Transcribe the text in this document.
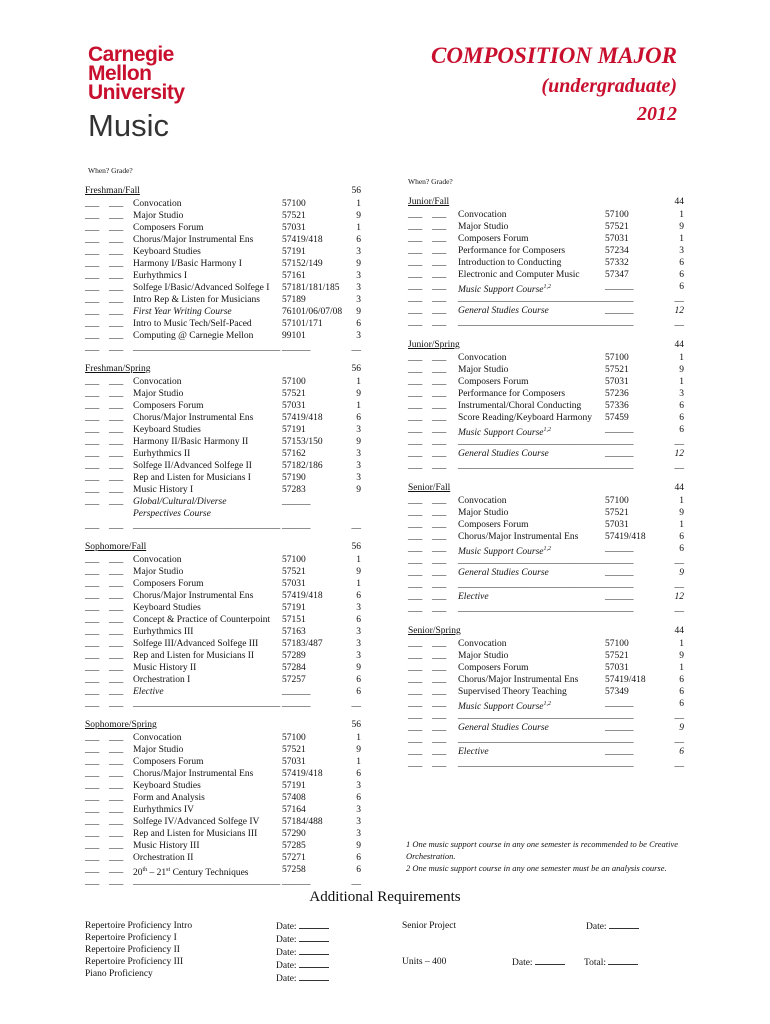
Carnegie
Mellon
University
Music
COMPOSITION MAJOR
(undergraduate)
2012
When? Grade?
When? Grade?
Freshman/Fall	56
___ ___ Convocation	57100	1
___ ___ Major Studio	57521	9
___ ___ Composers Forum	57031	1
___ ___ Chorus/Major Instrumental Ens	57419/418	6
___ ___ Keyboard Studies	57191	3
___ ___ Harmony I/Basic Harmony I	57152/149	9
___ ___ Eurhythmics I	57161	3
___ ___ Solfege I/Basic/Advanced Solfege I 57181/181/185 3
___ ___ Intro Rep & Listen for Musicians 57189	3
___ ___ First Year Writing Course	76101/06/07/08 9
___ ___ Intro to Music Tech/Self-Paced	57101/171	6
___ ___ Computing @ Carnegie Mellon	99101	3
___ ___ _______________________________ ______	__
Freshman/Spring	56
___ ___ Convocation	57100	1
___ ___ Major Studio	57521	9
___ ___ Composers Forum	57031	1
___ ___ Chorus/Major Instrumental Ens	57419/418	6
___ ___ Keyboard Studies	57191	3
___ ___ Harmony II/Basic Harmony II	57153/150	9
___ ___ Eurhythmics II	57162	3
___ ___ Solfege II/Advanced Solfege II	57182/186	3
___ ___ Rep and Listen for Musicians I	57190	3
___ ___ Music History I	57283	9
___ ___ Global/Cultural/Diverse	______
Perspectives Course
___ ___ _______________________________ ______	__
Sophomore/Fall	56
___ ___ Convocation	57100	1
___ ___ Major Studio	57521	9
___ ___ Composers Forum	57031	1
___ ___ Chorus/Major Instrumental Ens	57419/418	6
___ ___ Keyboard Studies	57191	3
___ ___ Concept & Practice of Counterpoint 57151	6
___ ___ Eurhythmics III	57163	3
___ ___ Solfege III/Advanced Solfege III 57183/487	3
___ ___ Rep and Listen for Musicians II	57289	3
___ ___ Music History II	57284	9
___ ___ Orchestration I	57257	6
___ ___ Elective	______	6
___ ___ _______________________________ ______	__
Sophomore/Spring	56
___ ___ Convocation	57100	1
___ ___ Major Studio	57521	9
___ ___ Composers Forum	57031	1
___ ___ Chorus/Major Instrumental Ens	57419/418	6
___ ___ Keyboard Studies	57191	3
___ ___ Form and Analysis	57408	6
___ ___ Eurhythmics IV	57164	3
___ ___ Solfege IV/Advanced Solfege IV 57184/488	3
___ ___ Rep and Listen for Musicians III	57290	3
___ ___ Music History III	57285	9
___ ___ Orchestration II	57271	6
___ ___ 20th – 21st Century Techniques	57258	6
___ ___ _______________________________ ______	__
Junior/Fall	44
___ ___ Convocation	57100	1
___ ___ Major Studio	57521	9
___ ___ Composers Forum	57031	1
___ ___ Performance for Composers	57234	3
___ ___ Introduction to Conducting	57332	6
___ ___ Electronic and Computer Music	57347	6
___ ___ Music Support Course$^{1,2}$	______	6
___ ___ _______________________________ ______	__
___ ___ General Studies Course	______	12
___ ___ _______________________________ ______	__
Junior/Spring	44
___ ___ Convocation	57100	1
___ ___ Major Studio	57521	9
___ ___ Composers Forum	57031	1
___ ___ Performance for Composers	57236	3
___ ___ Instrumental/Choral Conducting	57336	6
___ ___ Score Reading/Keyboard Harmony 57459	6
___ ___ Music Support Course$^{1,2}$	______	6
___ ___ _______________________________ ______	__
___ ___ General Studies Course	______	12
___ ___ _______________________________ ______	__
Senior/Fall	44
___ ___ Convocation	57100	1
___ ___ Major Studio	57521	9
___ ___ Composers Forum	57031	1
___ ___ Chorus/Major Instrumental Ens	57419/418	6
___ ___ Music Support Course$^{1,2}$	______	6
___ ___ _______________________________ ______	__
___ ___ General Studies Course	______	9
___ ___ _______________________________ ______	__
___ ___ Elective	______	12
___ ___ _______________________________ ______	__
Senior/Spring	44
___ ___ Convocation	57100	1
___ ___ Major Studio	57521	9
___ ___ Composers Forum	57031	1
___ ___ Chorus/Major Instrumental Ens	57419/418	6
___ ___ Supervised Theory Teaching	57349	6
___ ___ Music Support Course$^{1,2}$	______	6
___ ___ _______________________________ ______	__
___ ___ General Studies Course	______	9
___ ___ _______________________________ ______	__
___ ___ Elective	______	6
___ ___ _______________________________ ______	__
1 One music support course in any one semester is recommended to be Creative Orchestration.
2 One music support course in any one semester must be an analysis course.
Additional Requirements
Repertoire Proficiency Intro
Repertoire Proficiency I
Repertoire Proficiency II
Repertoire Proficiency III
Piano Proficiency
Date:
Date:
Date:
Date:
Date:
Senior Project	Date:
Units – 400	Date:	Total:
